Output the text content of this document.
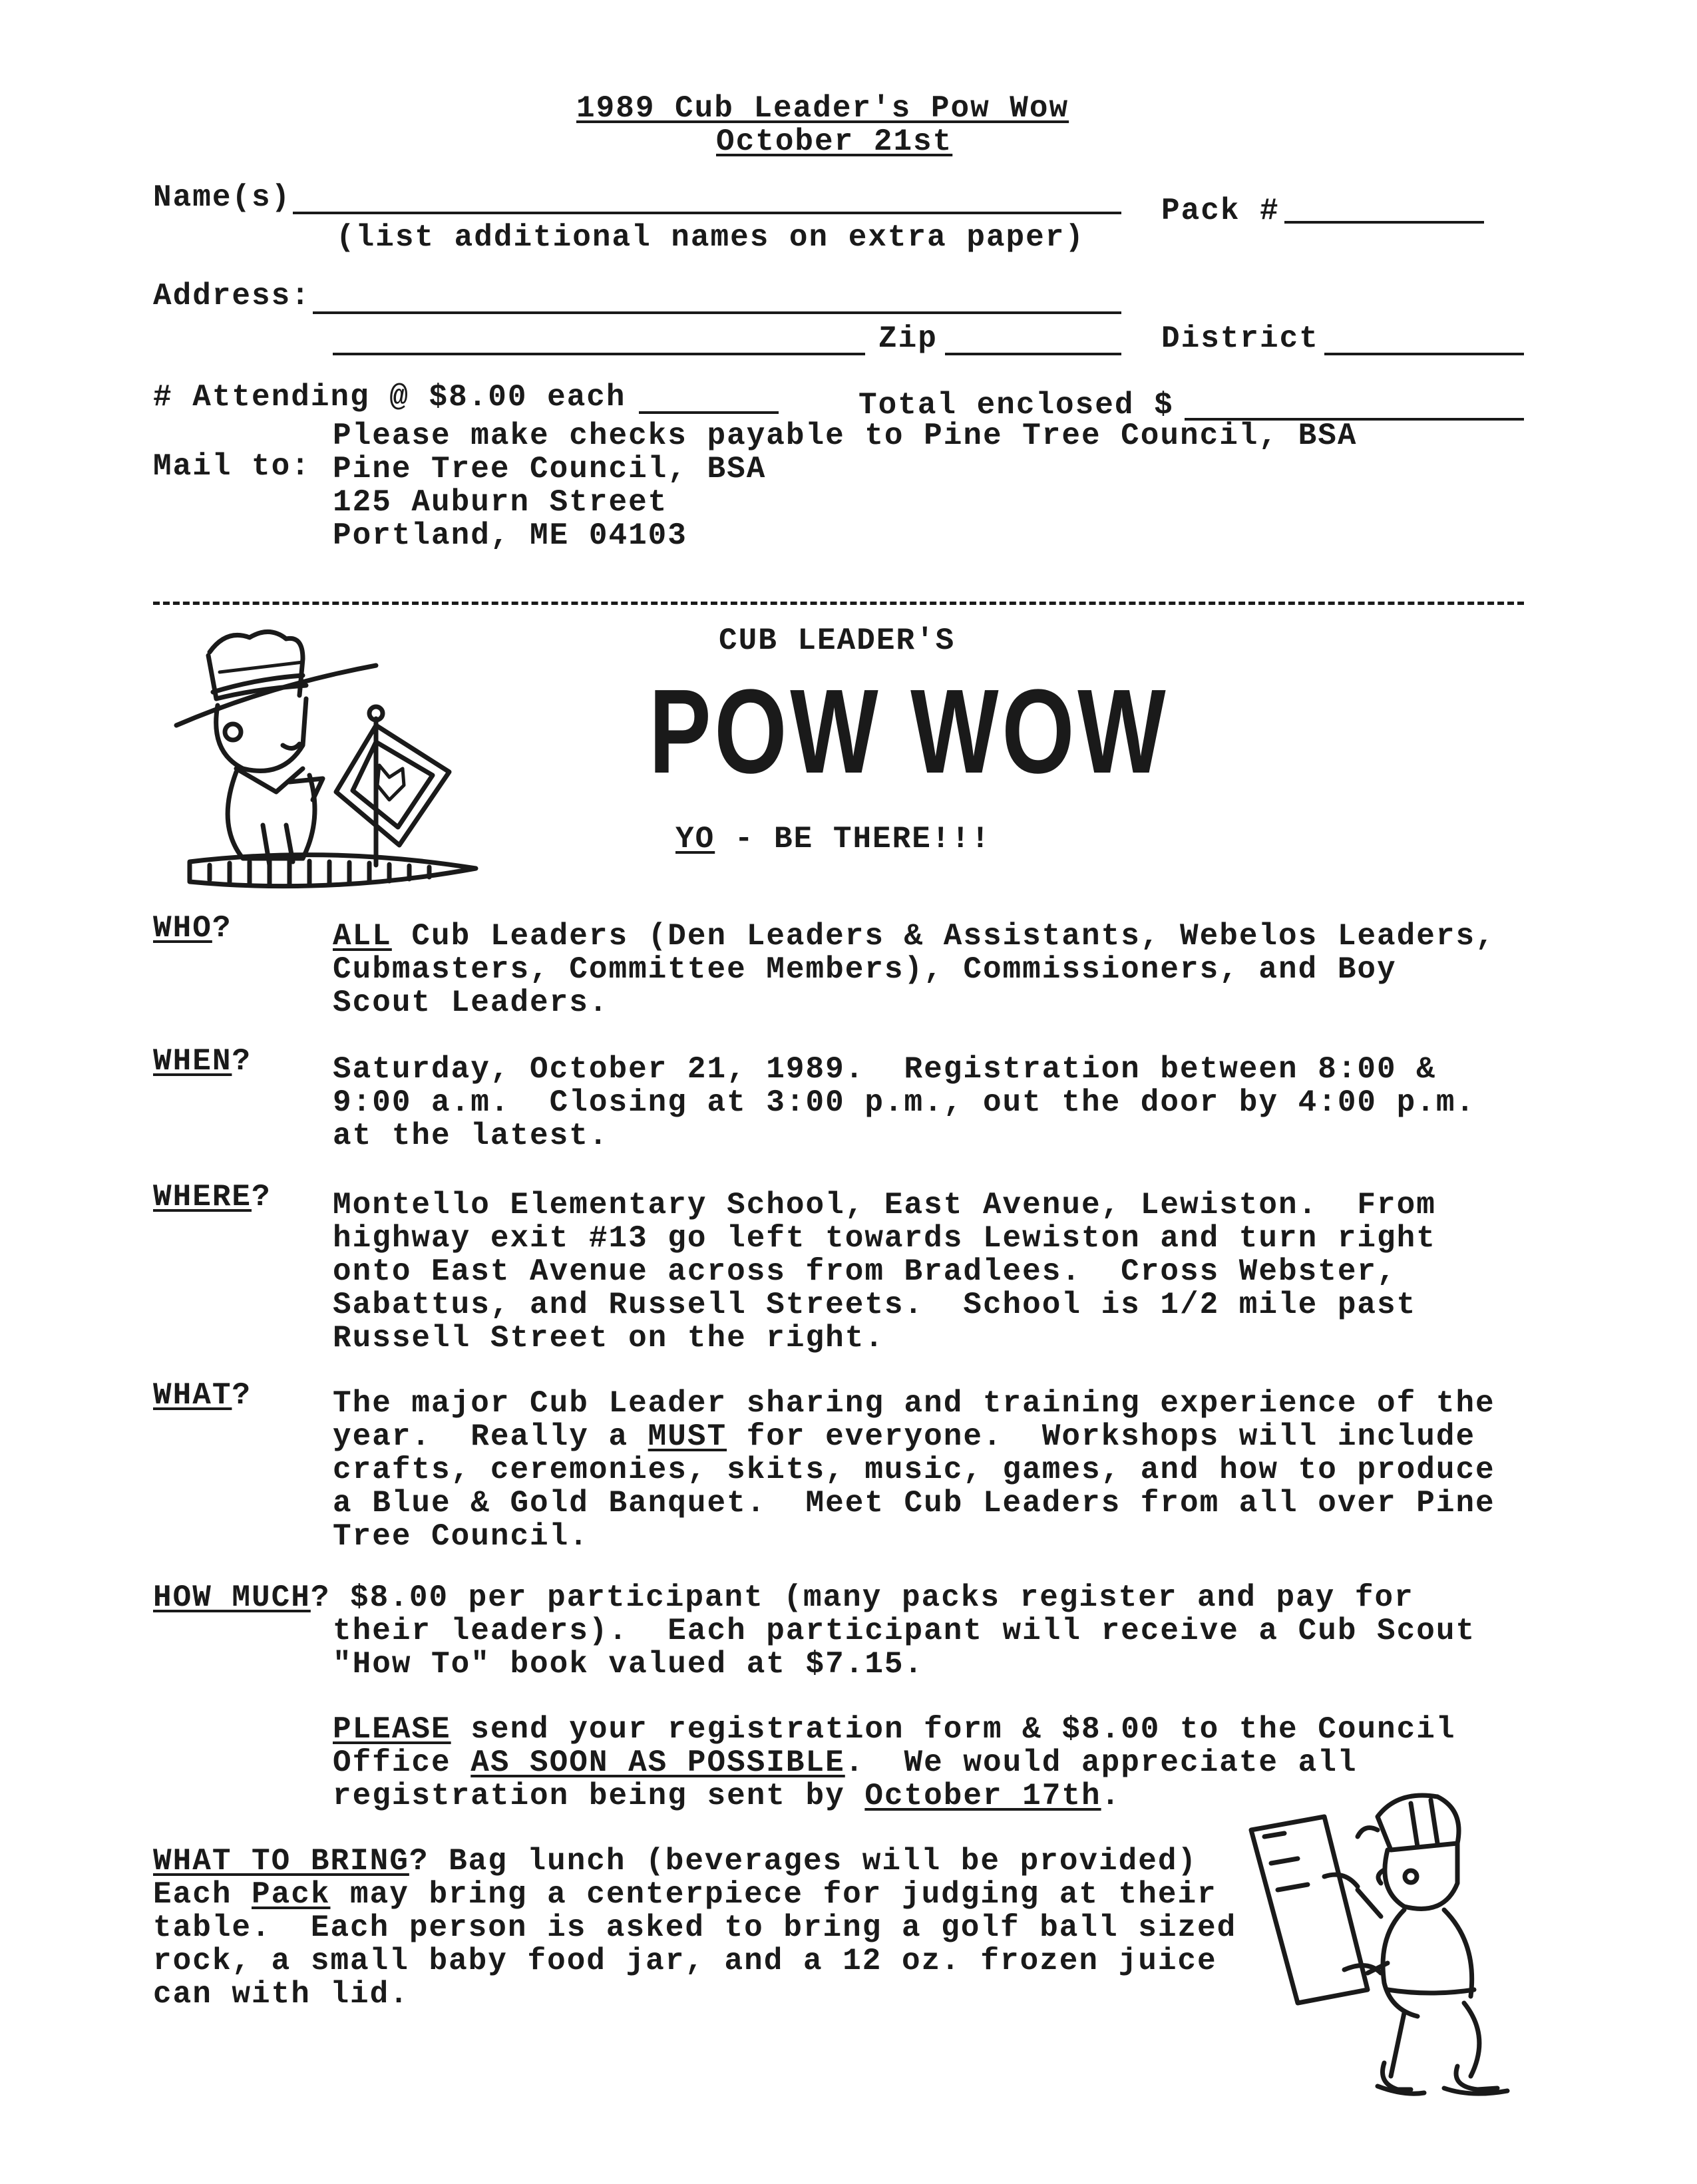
1989 Cub Leader's Pow Wow
October 21st
Name(s)
(list additional names on extra paper)
Pack #
Address:
Zip	District
# Attending @ $8.00 each	Total enclosed $
Please make checks payable to Pine Tree Council, BSA
Mail to: Pine Tree Council, BSA
125 Auburn Street
Portland, ME 04103
CUB LEADER'S
POW WOW
YO - BE THERE!!!
WHO?	ALL Cub Leaders (Den Leaders & Assistants, Webelos Leaders,
Cubmasters, Committee Members), Commissioners, and Boy
Scout Leaders.
WHEN?	Saturday, October 21, 1989.  Registration between 8:00 &
9:00 a.m.  Closing at 3:00 p.m., out the door by 4:00 p.m.
at the latest.
WHERE? Montello Elementary School, East Avenue, Lewiston.  From
highway exit #13 go left towards Lewiston and turn right
onto East Avenue across from Bradlees.  Cross Webster,
Sabattus, and Russell Streets.  School is 1/2 mile past
Russell Street on the right.
WHAT?	The major Cub Leader sharing and training experience of the
year.  Really a MUST for everyone.  Workshops will include
crafts, ceremonies, skits, music, games, and how to produce
a Blue & Gold Banquet.  Meet Cub Leaders from all over Pine
Tree Council.
HOW MUCH? $8.00 per participant (many packs register and pay for
their leaders).  Each participant will receive a Cub Scout
"How To" book valued at $7.15.
PLEASE send your registration form & $8.00 to the Council
Office AS SOON AS POSSIBLE.  We would appreciate all
registration being sent by October 17th.
WHAT TO BRING? Bag lunch (beverages will be provided)
Each Pack may bring a centerpiece for judging at their
table.  Each person is asked to bring a golf ball sized
rock, a small baby food jar, and a 12 oz. frozen juice
can with lid.
